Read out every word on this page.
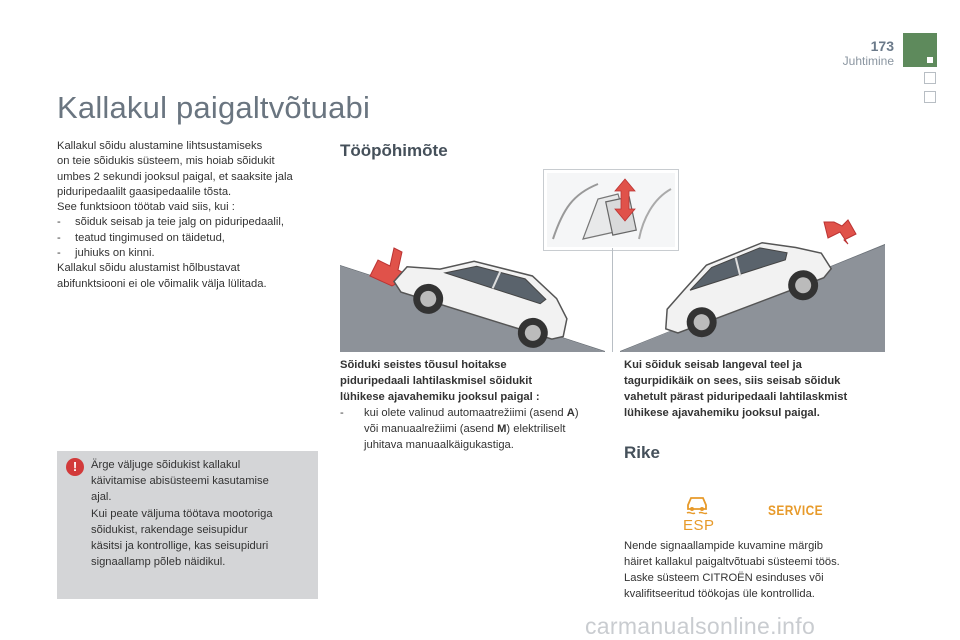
173
Juhtimine
Kallakul paigaltvõtuabi

Kallakul sõidu alustamine lihtsustamiseks

on teie sõidukis süsteem, mis hoiab sõidukit

umbes 2 sekundi jooksul paigal, et saaksite jala

piduripedaalilt gaasipedaalile tõsta.

See funktsioon töötab vaid siis, kui :

- sõiduk seisab ja teie jalg on piduripedaalil,

- teatud tingimused on täidetud,

- juhiuks on kinni.

Kallakul sõidu alustamist hõlbustavat

abifunktsiooni ei ole võimalik välja lülitada.

!	Ärge väljuge sõidukist kallakul
käivitamise abisüsteemi kasutamise
ajal.
Kui peate väljuma töötava mootoriga
sõidukist, rakendage seisupidur
käsitsi ja kontrollige, kas seisupiduri
signaallamp põleb näidikul.
Tööpõhimõte
Sõiduki seistes tõusul hoitakse
piduripedaali lahtilaskmisel sõidukit
lühikese ajavahemiku jooksul paigal :
- kui olete valinud automaatrežiimi (asend A)
või manuaalrežiimi (asend M) elektriliselt
juhitava manuaalkäigukastiga.
Kui sõiduk seisab langeval teel ja
tagurpidikäik on sees, siis seisab sõiduk
vahetult pärast piduripedaali lahtilaskmist
lühikese ajavahemiku jooksul paigal.
Rike
ESP
SERVICE
Nende signaallampide kuvamine märgib
häiret kallakul paigaltvõtuabi süsteemi töös.
Laske süsteem CITROËN esinduses või
kvalifitseeritud töökojas üle kontrollida.
carmanualsonline.info
